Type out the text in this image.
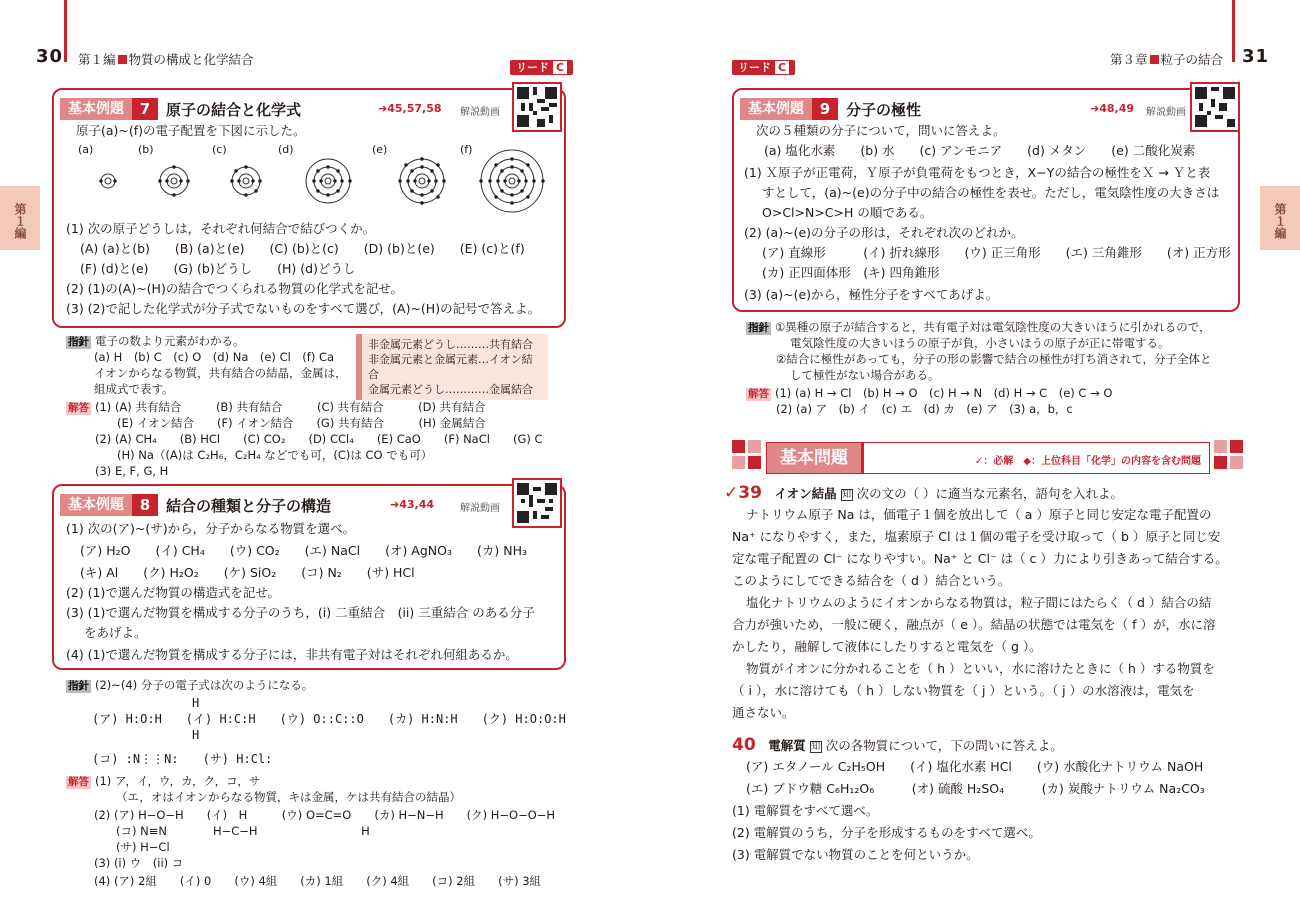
30 第１編 物質の構成と化学結合
第１編
リード C
基本例題	7	原子の結合と化学式	➜45,57,58 解説動画
原子(a)~(f)の電子配置を下図に示した。
(a)	(b)	(c)	(d)	(e)	(f)
(1) 次の原子どうしは，それぞれ何結合で結びつくか。
(A) (a)と(b)　　(B) (a)と(e)　　(C) (b)と(c)　　(D) (b)と(e)　　(E) (c)と(f)
(F) (d)と(e)　　(G) (b)どうし　　(H) (d)どうし
(2) (1)の(A)~(H)の結合でつくられる物質の化学式を記せ。
(3) (2)で記した化学式が分子式でないものをすべて選び，(A)~(H)の記号で答えよ。
指針 電子の数より元素がわかる。
(a) H　(b) C　(c) O　(d) Na　(e) Cl　(f) Ca
イオンからなる物質，共有結合の結晶，金属は，
組成式で表す。
非金属元素どうし………共有結合
非金属元素と金属元素…イオン結合
金属元素どうし…………金属結合
解答 (1) (A) 共有結合　　　(B) 共有結合　　　(C) 共有結合　　　(D) 共有結合
(E) イオン結合　　(F) イオン結合　　(G) 共有結合　　　(H) 金属結合
(2) (A) CH₄　　(B) HCl　　(C) CO₂　　(D) CCl₄　　(E) CaO　　(F) NaCl　　(G) C
(H) Na（(A)は C₂H₆，C₂H₄ などでも可，(C)は CO でも可）
(3) E, F, G, H
基本例題	8	結合の種類と分子の構造	➜43,44	解説動画
(1) 次の(ア)~(サ)から，分子からなる物質を選べ。
(ア) H₂O　　(イ) CH₄　　(ウ) CO₂　　(エ) NaCl　　(オ) AgNO₃　　(カ) NH₃
(キ) Al　　(ク) H₂O₂　　(ケ) SiO₂　　(コ) N₂　　(サ) HCl
(2) (1)で選んだ物質の構造式を記せ。
(3) (1)で選んだ物質を構成する分子のうち，(i) 二重結合　(ii) 三重結合 のある分子
をあげよ。
(4) (1)で選んだ物質を構成する分子には，非共有電子対はそれぞれ何組あるか。
指針 (2)~(4) 分子の電子式は次のようになる。
H
(ア) H:O:H　　(イ) H:C:H　　(ウ) O::C::O　　(カ) H:N:H　　(ク) H:O:O:H
H
(コ) :N⋮⋮N:　　(サ) H:Cl:
解答 (1) ア，イ，ウ，カ，ク，コ，サ
（エ，オはイオンからなる物質，キは金属，ケは共有結合の結晶）
(2) (ア) H−O−H　　(イ)　H　　　(ウ) O=C=O　　(カ) H−N−H　　(ク) H−O−O−H
(コ) N≡N　　　　H−C−H　　　　　　　　　H
(サ) H−Cl
(3) (i) ウ　(ii) コ
(4) (ア) 2組　　(イ) 0　　(ウ) 4組　　(カ) 1組　　(ク) 4組　　(コ) 2組　　(サ) 3組
31
第３章 粒子の結合
第１編
リード C
基本例題	9	分子の極性	➜48,49 解説動画
次の５種類の分子について，問いに答えよ。
(a) 塩化水素　　(b) 水　　(c) アンモニア　　(d) メタン　　(e) 二酸化炭素
(1) Ｘ原子が正電荷，Ｙ原子が負電荷をもつとき，X−Yの結合の極性をＸ → Ｙと表
すとして，(a)~(e)の分子中の結合の極性を表せ。ただし，電気陰性度の大きさは
O>Cl>N>C>H の順である。
(2) (a)~(e)の分子の形は，それぞれ次のどれか。
(ア) 直線形　　　(イ) 折れ線形　　(ウ) 正三角形　　(エ) 三角錐形　　(オ) 正方形
(カ) 正四面体形　(キ) 四角錐形
(3) (a)~(e)から，極性分子をすべてあげよ。
指針 ①異種の原子が結合すると，共有電子対は電気陰性度の大きいほうに引かれるので，
電気陰性度の大きいほうの原子が負，小さいほうの原子が正に帯電する。
②結合に極性があっても，分子の形の影響で結合の極性が打ち消されて，分子全体と
して極性がない場合がある。
解答 (1) (a) H → Cl　(b) H → O　(c) H → N　(d) H → C　(e) C → O
(2) (a) ア　(b) イ　(c) エ　(d) カ　(e) ア　(3) a，b，c
基本問題	✓：必解　◆：上位科目「化学」の内容を含む問題
✓39　 イオン結晶 知 次の文の（ ）に適当な元素名，語句を入れよ。
ナトリウム原子 Na は，価電子１個を放出して（ a ）原子と同じ安定な電子配置の
Na⁺ になりやすく，また，塩素原子 Cl は１個の電子を受け取って（ b ）原子と同じ安
定な電子配置の Cl⁻ になりやすい。Na⁺ と Cl⁻ は（ c ）力により引きあって結合する。
このようにしてできる結合を（ d ）結合という。
塩化ナトリウムのようにイオンからなる物質は，粒子間にはたらく（ d ）結合の結
合力が強いため，一般に硬く，融点が（ e ）。結晶の状態では電気を（ f ）が，水に溶
かしたり，融解して液体にしたりすると電気を（ g ）。
物質がイオンに分かれることを（ h ）といい，水に溶けたときに（ h ）する物質を
（ i ），水に溶けても（ h ）しない物質を（ j ）という。（ j ）の水溶液は，電気を
通さない。
40　 電解質 知 次の各物質について，下の問いに答えよ。
(ア) エタノール C₂H₅OH　　(イ) 塩化水素 HCl　　(ウ) 水酸化ナトリウム NaOH
(エ) ブドウ糖 C₆H₁₂O₆　　　(オ) 硫酸 H₂SO₄　　　(カ) 炭酸ナトリウム Na₂CO₃
(1) 電解質をすべて選べ。
(2) 電解質のうち，分子を形成するものをすべて選べ。
(3) 電解質でない物質のことを何というか。
